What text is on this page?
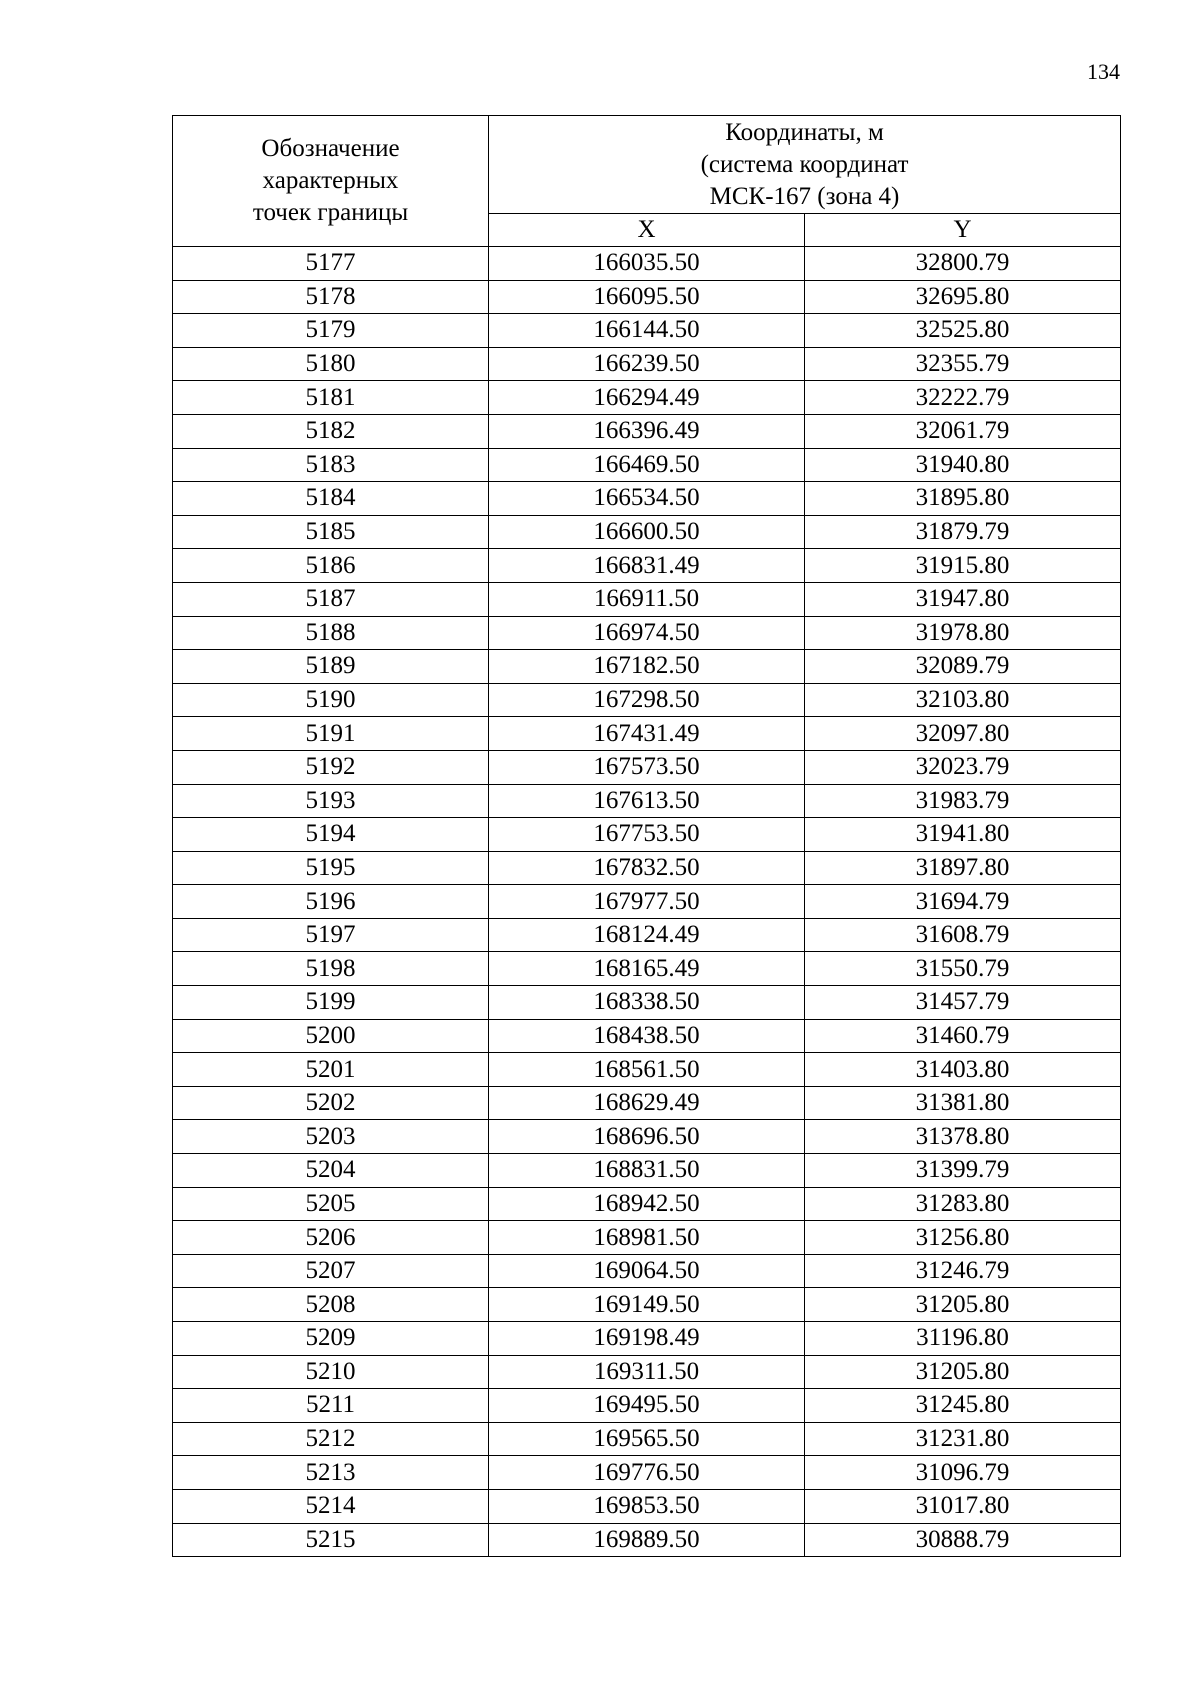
134
Обозначение
характерных
точек границы	Координаты, м
(система координат
МСК-167 (зона 4)	

	X	Y
5177	166035.50	32800.79
5178	166095.50	32695.80
5179	166144.50	32525.80
5180	166239.50	32355.79
5181	166294.49	32222.79
5182	166396.49	32061.79
5183	166469.50	31940.80
5184	166534.50	31895.80
5185	166600.50	31879.79
5186	166831.49	31915.80
5187	166911.50	31947.80
5188	166974.50	31978.80
5189	167182.50	32089.79
5190	167298.50	32103.80
5191	167431.49	32097.80
5192	167573.50	32023.79
5193	167613.50	31983.79
5194	167753.50	31941.80
5195	167832.50	31897.80
5196	167977.50	31694.79
5197	168124.49	31608.79
5198	168165.49	31550.79
5199	168338.50	31457.79
5200	168438.50	31460.79
5201	168561.50	31403.80
5202	168629.49	31381.80
5203	168696.50	31378.80
5204	168831.50	31399.79
5205	168942.50	31283.80
5206	168981.50	31256.80
5207	169064.50	31246.79
5208	169149.50	31205.80
5209	169198.49	31196.80
5210	169311.50	31205.80
5211	169495.50	31245.80
5212	169565.50	31231.80
5213	169776.50	31096.79
5214	169853.50	31017.80
5215	169889.50	30888.79
